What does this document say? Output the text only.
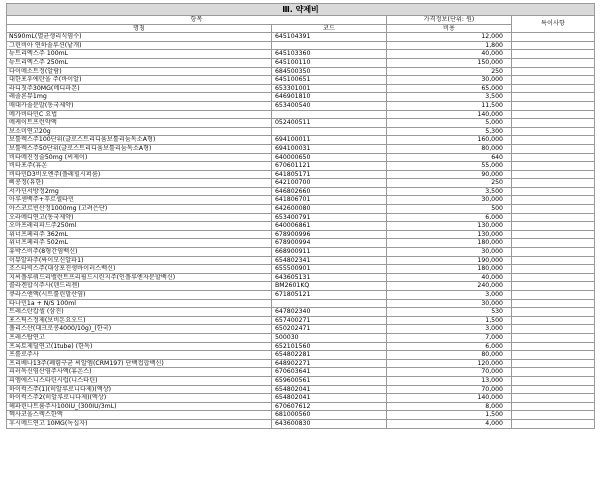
Ⅲ. 약제비			
항목		가격정보(단위: 원)	특이사항
명칭	코드	비용	
NS90mL(멸균생리식염수)	645104391	12,000	
그린비아 연하솔루션(낱개)		1,800	
뉴트리엑스주 100mL	645103360	40,000	
뉴트리엑스주 250mL	645100110	150,000	
다이메소트정(알람)	684500350	250	
대한포우에탄올 주(바이알)	645100651	30,000	
라디칫주30MG(메디파몬)	653301001	65,000	
레졸론뮤1mg	646901810	3,500	
매대카솔분말(동국제약)	653400540	11,500	
메가비타민C 요법		140,000	
메케이트프런약액	052400511	5,000	
보소미연고20g		5,300	
보툴렉스주100단위(글로스트리디움보툴리눔독소A형)	694100011	160,000	
보툴렉스주50단위(글로스트리디움보툴리눔독소A형)	694100031	80,000	
비타메진정술50mg (씨제이)	640000650	640	
비타포주(휴온	670601121	55,000	
비타민D3비오엔주(플레힐시퍼룸)	641805171	90,000	
삐콩정(유한)	642100700	250	
서카딘서방정2mg	646802660	3,500	
아루센백주+푸르셀타민	641806701	30,000	
아스코르빈산정1000mg (고려은단)	642600080	500	
오라메디연고(동국제약)	653400791	6,000	
오마프레리피드주250ml	640006861	130,000	
위너프페리주 362mL	678900996	130,000	
위너프페리주 502mL	678900994	180,000	
유박스비주(8형간염백신)	668900911	30,000	
이뮤알파주(싸이모신알파1)	654802341	190,000	
조스타빅스주(대상포진생바이러스백신)	655500901	180,000	
지씨플루쿼드리밸런트프리필드시린지주(인플루엔자분할백신)	643605131	40,000	
콜라겐합식주사(덴드리젠)	BM2601KQ	240,000	
큐라스앤액(시트룰린말산염)	671805121	3,000	
타나민1a + N/S 100ml		30,000	
트레스탄캅셀 (삼진)	647802340	530	
포스틱스정제(보비돈요오드)	657400271	1,500	
풀리스산(대크로콩4000/10g)_(한국)	650202471	3,000	
프레스탑연고	500030	7,000	
프록토제딜연고(1tube) (한독)	652101560	6,000	
프롤로주사	654802281	80,000	
프리베나13주(폐렴구균 씨알엠(CRM197) 단백접합백신)	648902271	120,000	
피러독신염산염주사액(휴온스)	670603641	70,000	
피엠에스니스타틴시럽(니스타틴)	659600561	13,000	
하이럭스주(1)(히알루로니다제)(액상)	654802041	70,000	
하이럭스주2(히알루로니다제)(액상)	654802041	140,000	
헤파린나트륨주사100IU_(300IU/3mL)	670607612	8,000	
헥사코올스렉스한액	681000560	1,500	
후시메드연고 10MG(녹십자)	643600830	4,000	
